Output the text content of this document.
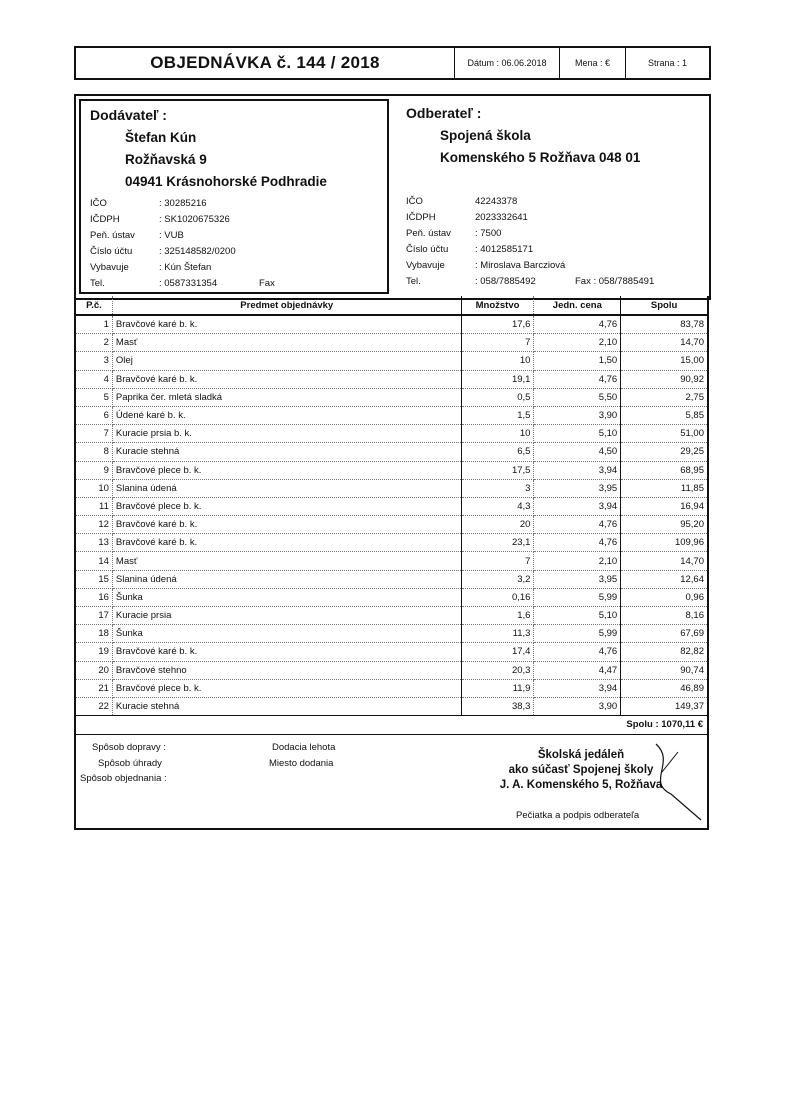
OBJEDNÁVKA č. 144 / 2018	Dátum : 06.06.2018	Mena : €	Strana : 1
Dodávateľ :
Štefan Kún
Rožňavská 9
04941 Krásnohorské Podhradie
IČO	: 30285216
IČDPH	: SK1020675326
Peň. ústav	: VUB
Číslo účtu	: 325148582/0200
Vybavuje	: Kún Štefan
Tel.	: 0587331354	Fax
Odberateľ :
Spojená škola
Komenského 5 Rožňava 048 01
IČO	42243378
IČDPH	2023332641
Peň. ústav	: 7500
Číslo účtu	: 4012585171
Vybavuje	: Miroslava Barcziová
Tel.	: 058/7885492	Fax : 058/7885491
P.č.	Predmet objednávky	Množstvo	Jedn. cena	Spolu
1	Bravčové karé b. k.	17,6	4,76	83,78
2	Masť	7	2,10	14,70
3	Olej	10	1,50	15,00
4	Bravčové karé b. k.	19,1	4,76	90,92
5	Paprika čer. mletá sladká	0,5	5,50	2,75
6	Údené karé b. k.	1,5	3,90	5,85
7	Kuracie prsia b. k.	10	5,10	51,00
8	Kuracie stehná	6,5	4,50	29,25
9	Bravčové plece b. k.	17,5	3,94	68,95
10	Slanina údená	3	3,95	11,85
11	Bravčové plece b. k.	4,3	3,94	16,94
12	Bravčové karé b. k.	20	4,76	95,20
13	Bravčové karé b. k.	23,1	4,76	109,96
14	Masť	7	2,10	14,70
15	Slanina údená	3,2	3,95	12,64
16	Šunka	0,16	5,99	0,96
17	Kuracie prsia	1,6	5,10	8,16
18	Šunka	11,3	5,99	67,69
19	Bravčové karé b. k.	17,4	4,76	82,82
20	Bravčové stehno	20,3	4,47	90,74
21	Bravčové plece b. k.	11,9	3,94	46,89
22	Kuracie stehná	38,3	3,90	149,37
Spolu : 1070,11 €
Spôsob dopravy :
Spôsob úhrady
Spôsob objednania :
Dodacia lehota
Miesto dodania
Školská jedáleň
ako súčasť Spojenej školy
J. A. Komenského 5, Rožňava
Pečiatka a podpis odberateľa
